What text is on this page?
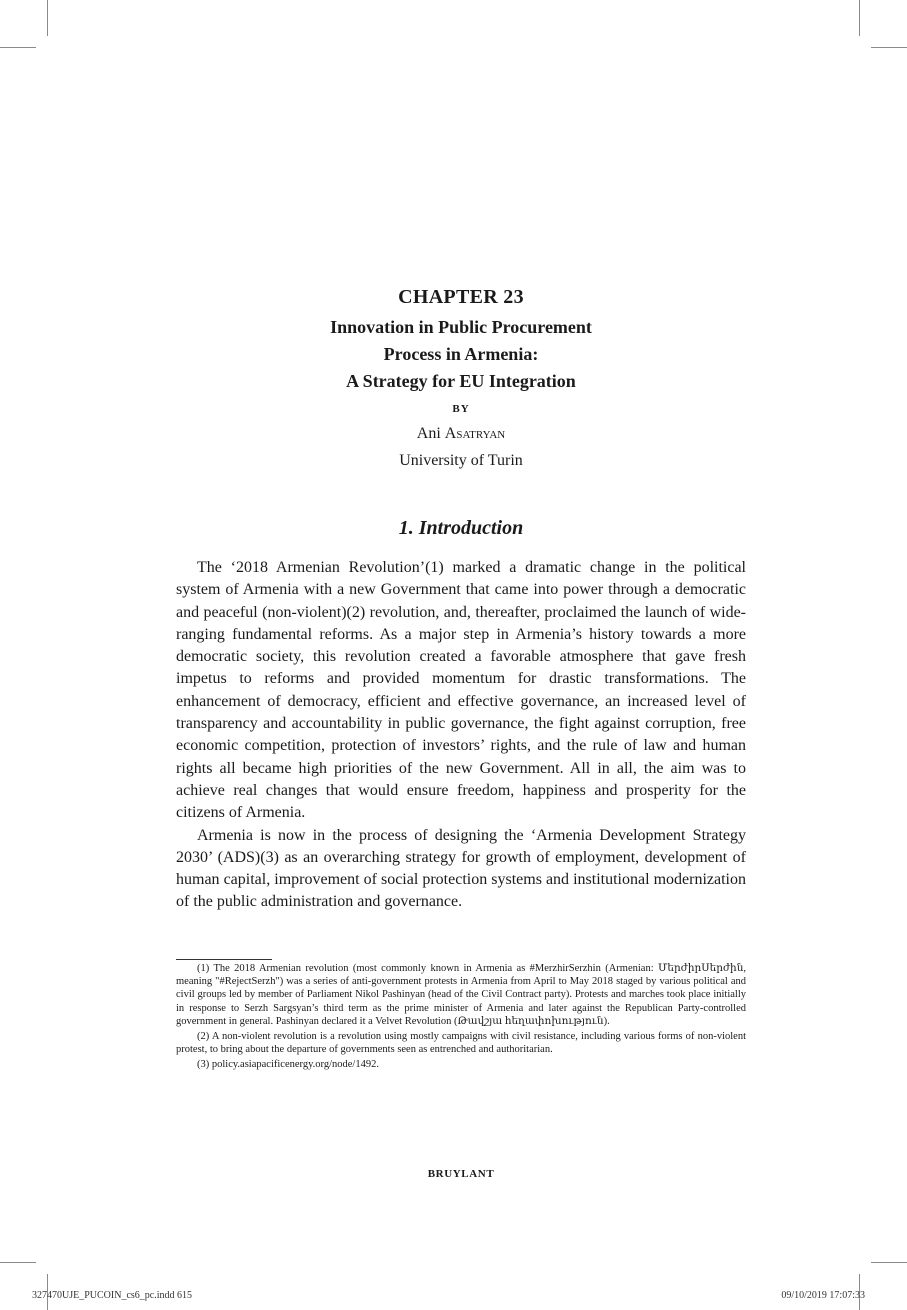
CHAPTER 23
Innovation in Public Procurement
Process in Armenia:
A Strategy for EU Integration
BY
Ani Asatryan
University of Turin
1. Introduction

The ‘2018 Armenian Revolution’(1) marked a dramatic change in the political system of Armenia with a new Government that came into power through a democratic and peaceful (non-violent)(2) revolution, and, thereafter, proclaimed the launch of wide-ranging fundamental reforms. As a major step in Armenia’s history towards a more democratic society, this revolution created a favorable atmosphere that gave fresh impetus to reforms and provided momentum for drastic transformations. The enhancement of democracy, efficient and effective governance, an increased level of transparency and accountability in public governance, the fight against corruption, free economic competition, protection of investors’ rights, and the rule of law and human rights all became high priorities of the new Government. All in all, the aim was to achieve real changes that would ensure freedom, happiness and prosperity for the citizens of Armenia.

Armenia is now in the process of designing the ‘Armenia Development Strategy 2030’ (ADS)(3) as an overarching strategy for growth of employment, development of human capital, improvement of social protection systems and institutional modernization of the public administration and governance.

(1) The 2018 Armenian revolution (most commonly known in Armenia as #MerzhirSerzhin (Armenian: ՄերժիրՍերժին, meaning "#RejectSerzh") was a series of anti-government protests in Armenia from April to May 2018 staged by various political and civil groups led by member of Parliament Nikol Pashinyan (head of the Civil Contract party). Protests and marches took place initially in response to Serzh Sargsyan’s third term as the prime minister of Armenia and later against the Republican Party-controlled government in general. Pashinyan declared it a Velvet Revolution (Թավշյա հեղափոխություն).

(2) A non-violent revolution is a revolution using mostly campaigns with civil resistance, including various forms of non-violent protest, to bring about the departure of governments seen as entrenched and authoritarian.

(3) policy.asiapacificenergy.org/node/1492.

BRUYLANT
327470UJE_PUCOIN_cs6_pc.indd 615	09/10/2019 17:07:33
